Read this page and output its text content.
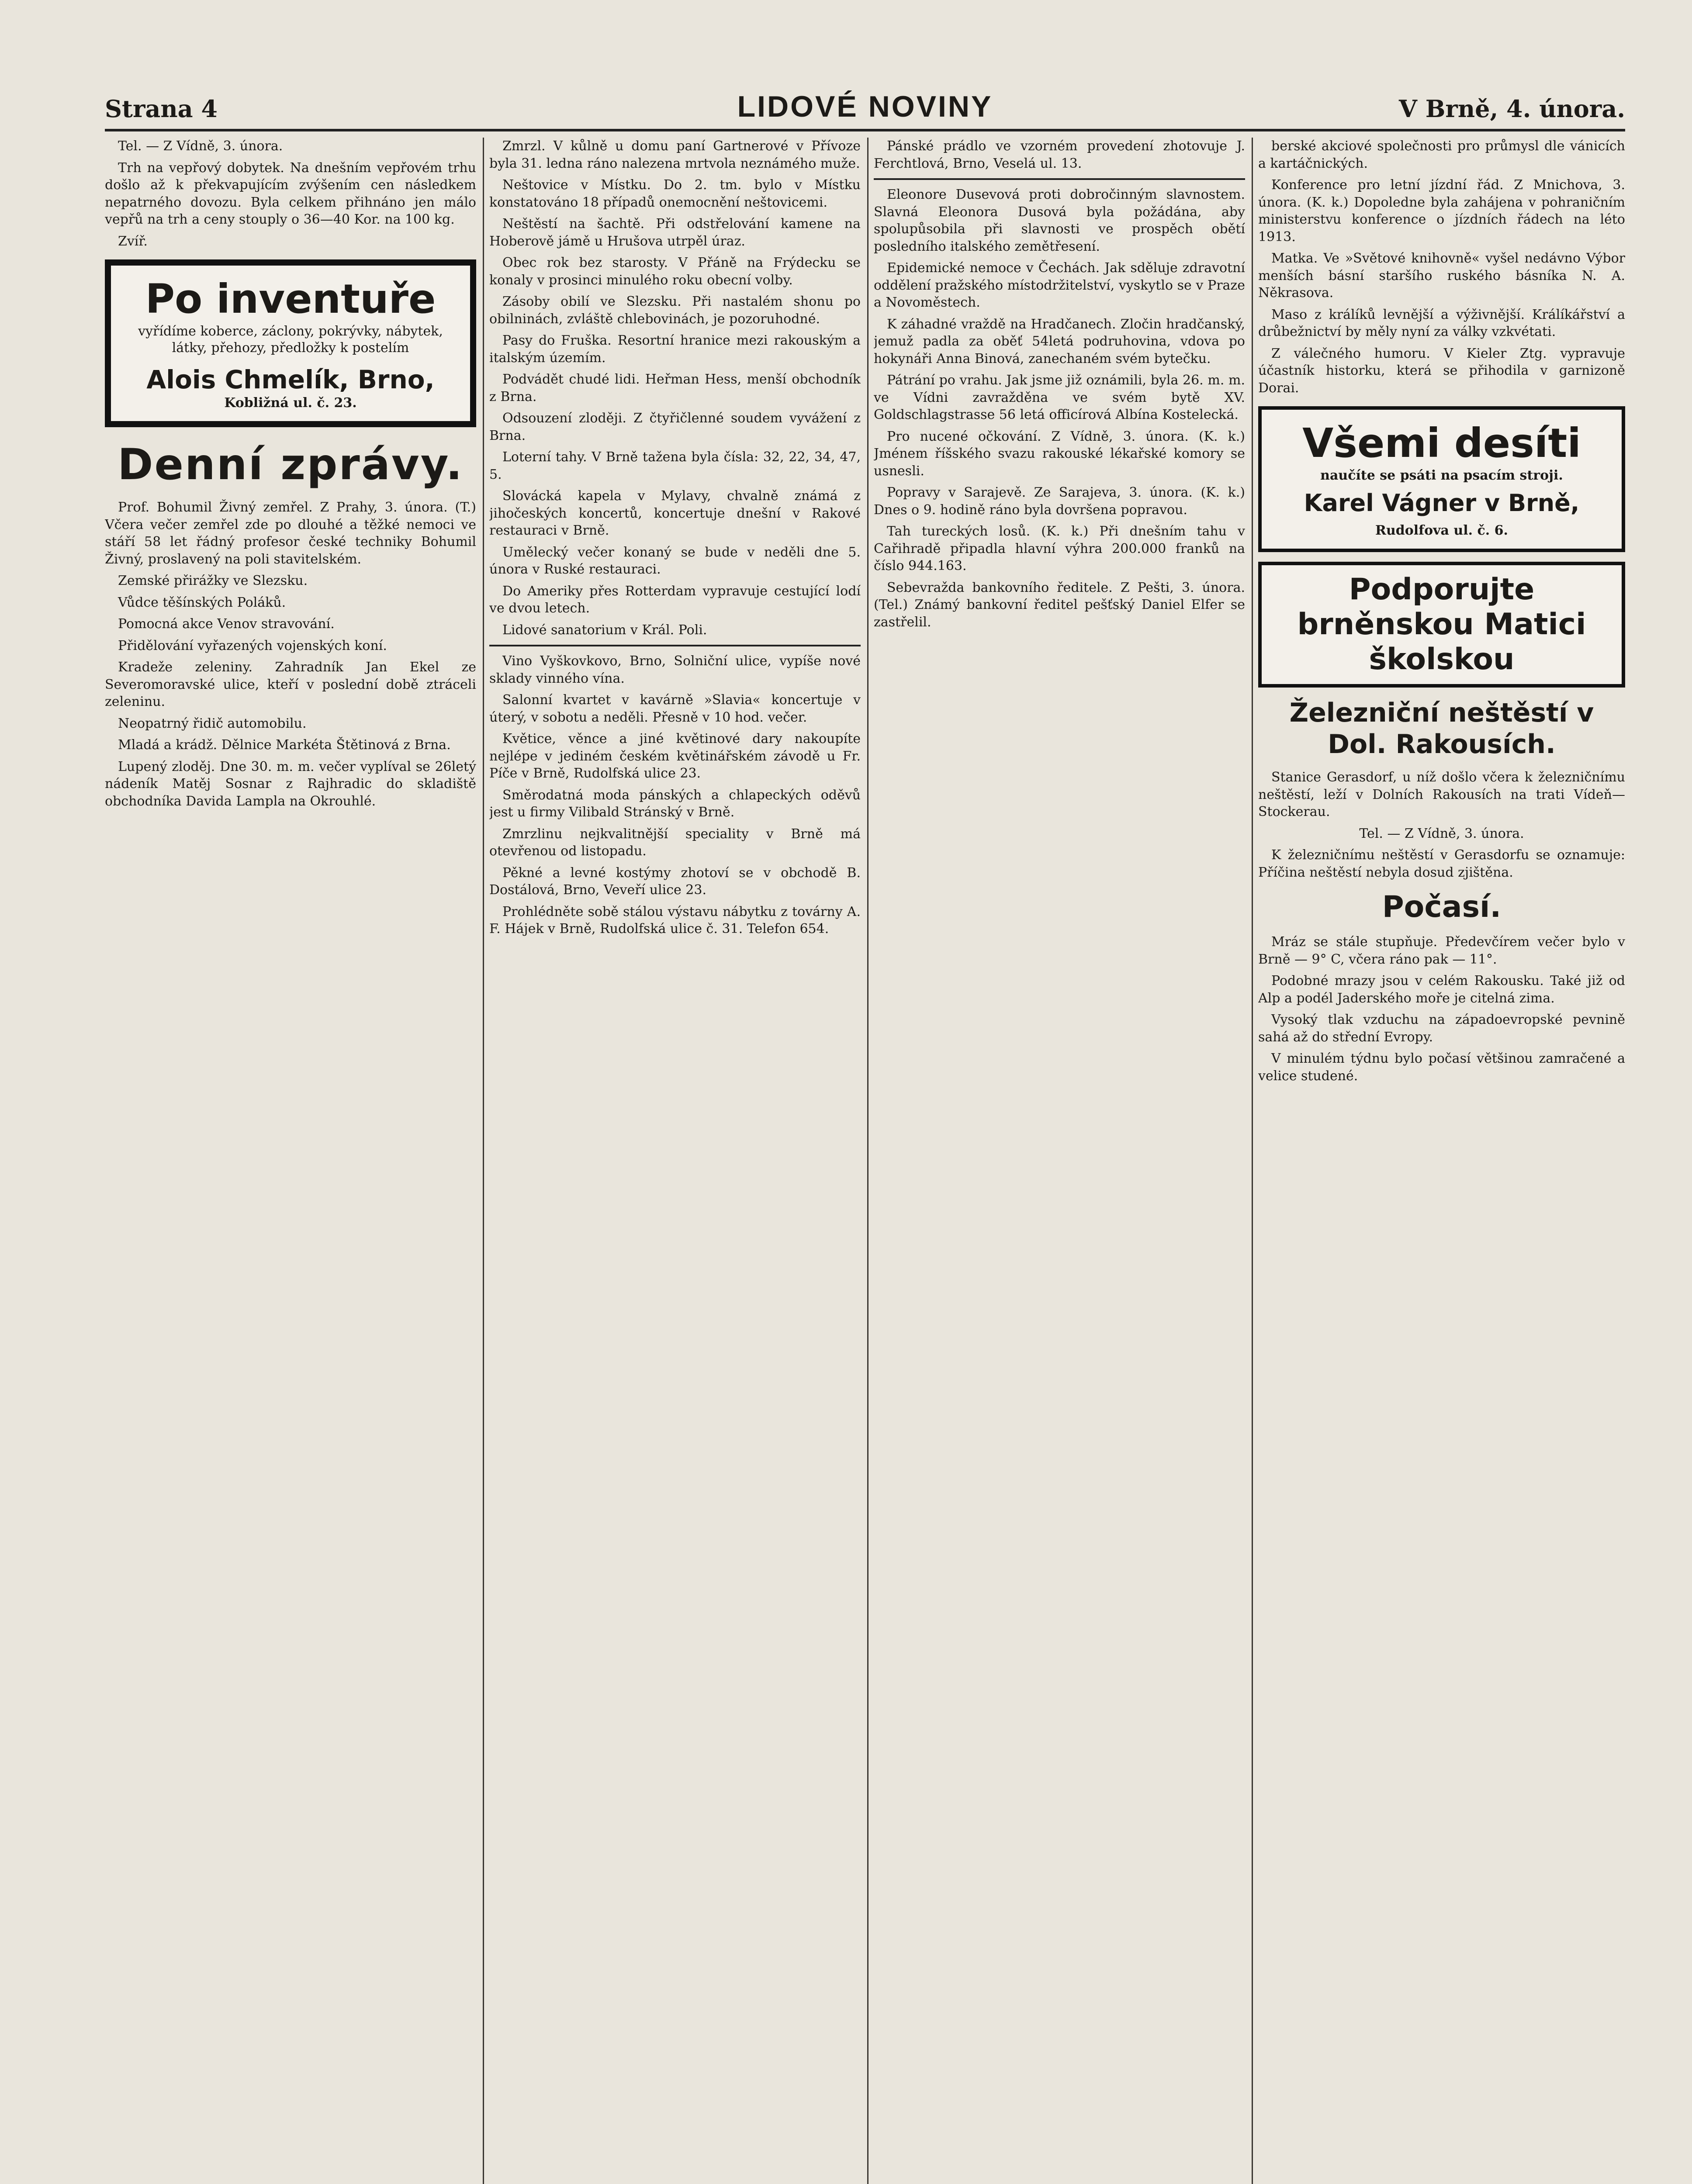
Strana 4	LIDOVÉ NOVINY	V Brně, 4. února.

Tel. — Z Vídně, 3. února.

Trh na vepřový dobytek. Na dnešním vepřovém trhu došlo až k překvapujícím zvýšením cen následkem nepatrného dovozu. Byla celkem přihnáno jen málo vepřů na trh a ceny stouply o 36—40 Kor. na 100 kg.

Zvíř.

Po inventuře
vyřídíme koberce, záclony, pokrývky, nábytek, látky, přehozy, předložky k postelím
Alois Chmelík, Brno,
Kobližná ul. č. 23.
Denní zprávy.

Prof. Bohumil Živný zemřel. Z Prahy, 3. února. (T.) Včera večer zemřel zde po dlouhé a těžké nemoci ve stáří 58 let řádný profesor české techniky Bohumil Živný, proslavený na poli stavitelském.

Zemské přirážky ve Slezsku.

Vůdce těšínských Poláků.

Pomocná akce Venov stravování.

Přidělování vyřazených vojenských koní.

Kradeže zeleniny. Zahradník Jan Ekel ze Severomoravské ulice, kteří v poslední době ztráceli zeleninu.

Neopatrný řidič automobilu.

Mladá a krádž. Dělnice Markéta Štětinová z Brna.

Lupený zloděj. Dne 30. m. m. večer vyplíval se 26letý nádeník Matěj Sosnar z Rajhradic do skladiště obchodníka Davida Lampla na Okrouhlé.

Zmrzl. V kůlně u domu paní Gartnerové v Přívoze byla 31. ledna ráno nalezena mrtvola neznámého muže.

Neštovice v Místku. Do 2. tm. bylo v Místku konstatováno 18 případů onemocnění neštovicemi.

Neštěstí na šachtě. Při odstřelování kamene na Hoberově jámě u Hrušova utrpěl úraz.

Obec rok bez starosty. V Přáně na Frýdecku se konaly v prosinci minulého roku obecní volby.

Zásoby obilí ve Slezsku. Při nastalém shonu po obilninách, zvláště chlebovinách, je pozoruhodné.

Pasy do Fruška. Resortní hranice mezi rakouským a italským územím.

Podvádět chudé lidi. Heřman Hess, menší obchodník z Brna.

Odsouzení zloději. Z čtyřičlenné soudem vyvážení z Brna.

Loterní tahy. V Brně tažena byla čísla: 32, 22, 34, 47, 5.

Slovácká kapela v Mylavy, chvalně známá z jihočeských koncertů, koncertuje dnešní v Rakové restauraci v Brně.

Umělecký večer konaný se bude v neděli dne 5. února v Ruské restauraci.

Do Ameriky přes Rotterdam vypravuje cestující lodí ve dvou letech.

Lidové sanatorium v Král. Poli.

Vino Vyškovkovo, Brno, Solniční ulice, vypíše nové sklady vinného vína.

Salonní kvartet v kavárně »Slavia« koncertuje v úterý, v sobotu a neděli. Přesně v 10 hod. večer.

Květice, věnce a jiné květinové dary nakoupíte nejlépe v jediném českém květinářském závodě u Fr. Píče v Brně, Rudolfská ulice 23.

Směrodatná moda pánských a chlapeckých oděvů jest u firmy Vilibald Stránský v Brně.

Zmrzlinu nejkvalitnější speciality v Brně má otevřenou od listopadu.

Pěkné a levné kostýmy zhotoví se v obchodě B. Dostálová, Brno, Veveří ulice 23.

Prohlédněte sobě stálou výstavu nábytku z továrny A. F. Hájek v Brně, Rudolfská ulice č. 31. Telefon 654.

Pánské prádlo ve vzorném provedení zhotovuje J. Ferchtlová, Brno, Veselá ul. 13.

Eleonore Dusevová proti dobročinným slavnostem. Slavná Eleonora Dusová byla požádána, aby spolupůsobila při slavnosti ve prospěch obětí posledního italského zemětřesení.

Epidemické nemoce v Čechách. Jak sděluje zdravotní oddělení pražského místodržitelství, vyskytlo se v Praze a Novoměstech.

K záhadné vraždě na Hradčanech. Zločin hradčanský, jemuž padla za oběť 54letá podruhovina, vdova po hokynáři Anna Binová, zanechaném svém bytečku.

Pátrání po vrahu. Jak jsme již oznámili, byla 26. m. m. ve Vídni zavražděna ve svém bytě XV. Goldschlagstrasse 56 letá officírová Albína Kostelecká.

Pro nucené očkování. Z Vídně, 3. února. (K. k.) Jménem říšského svazu rakouské lékařské komory se usnesli.

Popravy v Sarajevě. Ze Sarajeva, 3. února. (K. k.) Dnes o 9. hodině ráno byla dovršena popravou.

Tah tureckých losů. (K. k.) Při dnešním tahu v Cařihradě připadla hlavní výhra 200.000 franků na číslo 944.163.

Sebevražda bankovního ředitele. Z Pešti, 3. února. (Tel.) Známý bankovní ředitel pešťský Daniel Elfer se zastřelil.

berské akciové společnosti pro průmysl dle vánicích a kartáčnických.

Konference pro letní jízdní řád. Z Mnichova, 3. února. (K. k.) Dopoledne byla zahájena v pohraničním ministerstvu konference o jízdních řádech na léto 1913.

Matka. Ve »Světové knihovně« vyšel nedávno Výbor menších básní staršího ruského básníka N. A. Někrasova.

Maso z králíků levnější a výživnější. Králíkářství a drůbežnictví by měly nyní za války vzkvétati.

Z válečného humoru. V Kieler Ztg. vypravuje účastník historku, která se přihodila v garnizoně Dorai.

Všemi desíti
naučíte se psáti na psacím stroji.
Karel Vágner v Brně,
Rudolfova ul. č. 6.
Podporujte brněnskou Matici školskou
Železniční neštěstí v Dol. Rakousích.

Stanice Gerasdorf, u níž došlo včera k železničnímu neštěstí, leží v Dolních Rakousích na trati Vídeň—Stockerau.

Tel. — Z Vídně, 3. února.

K železničnímu neštěstí v Gerasdorfu se oznamuje: Příčina neštěstí nebyla dosud zjištěna.

Počasí.

Mráz se stále stupňuje. Předevčírem večer bylo v Brně — 9° C, včera ráno pak — 11°.

Podobné mrazy jsou v celém Rakousku. Také již od Alp a podél Jaderského moře je citelná zima.

Vysoký tlak vzduchu na západoevropské pevnině sahá až do střední Evropy.

V minulém týdnu bylo počasí většinou zamračené a velice studené.
